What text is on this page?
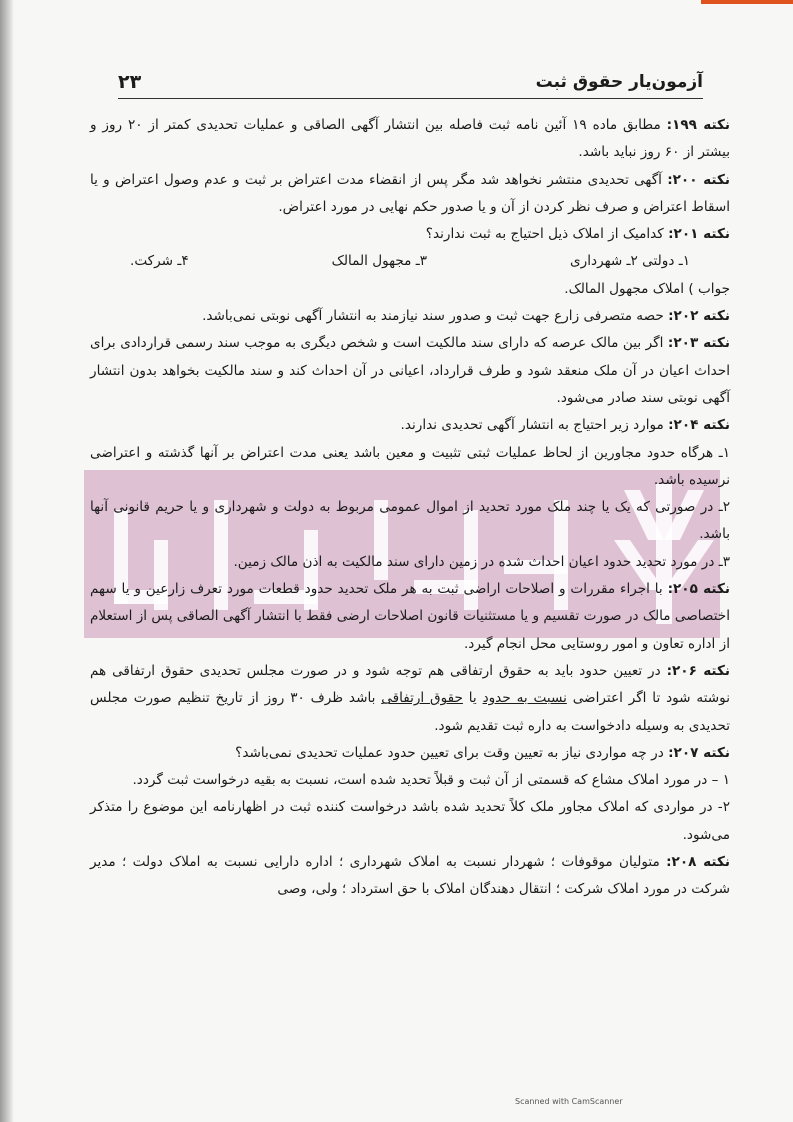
آزمون‌یار حقوق ثبت
۲۳
نکته ۱۹۹: مطابق ماده ۱۹ آئین نامه ثبت فاصله بین انتشار آگهی الصاقی و عملیات تحدیدی کمتر از ۲۰ روز و بیشتر از ۶۰ روز نباید باشد.
نکته ۲۰۰: آگهی تحدیدی منتشر نخواهد شد مگر پس از انقضاء مدت اعتراض بر ثبت و عدم وصول اعتراض و یا اسقاط اعتراض و صرف نظر کردن از آن و یا صدور حکم نهایی در مورد اعتراض.
نکته ۲۰۱: کدامیک از املاک ذیل احتیاج به ثبت ندارند؟
۱ـ دولتی ۲ـ شهرداری
۳ـ مجهول المالک
۴ـ شرکت.
جواب ) املاک مجهول المالک.
نکته ۲۰۲: حصه متصرفی زارع جهت ثبت و صدور سند نیازمند به انتشار آگهی نوبتی نمی‌باشد.
نکته ۲۰۳: اگر بین مالک عرصه که دارای سند مالکیت است و شخص دیگری به موجب سند رسمی قراردادی برای احداث اعیان در آن ملک منعقد شود و طرف قرارداد، اعیانی در آن احداث کند و سند مالکیت بخواهد بدون انتشار آگهی نوبتی سند صادر می‌شود.
نکته ۲۰۴: موارد زیر احتیاج به انتشار آگهی تحدیدی ندارند.
۱ـ هرگاه حدود مجاورین از لحاظ عملیات ثبتی تثبیت و معین باشد یعنی مدت اعتراض بر آنها گذشته و اعتراضی نرسیده باشد.
۲ـ در صورتی که یک یا چند ملک مورد تحدید از اموال عمومی مربوط به دولت و شهرداری و یا حریم قانونی آنها باشد.
۳ـ در مورد تحدید حدود اعیان احداث شده در زمین دارای سند مالکیت به اذن مالک زمین.
نکته ۲۰۵: با اجراء مقررات و اصلاحات اراضی ثبت به هر ملک تحدید حدود قطعات مورد تعرف زارعین و یا سهم اختصاصی مالک در صورت تقسیم و یا مستثنیات قانون اصلاحات ارضی فقط با انتشار آگهی الصاقی پس از استعلام از اداره تعاون و امور روستایی محل انجام گیرد.
نکته ۲۰۶: در تعیین حدود باید به حقوق ارتفاقی هم توجه شود و در صورت مجلس تحدیدی حقوق ارتفاقی هم نوشته شود تا اگر اعتراضی نسبت به حدود یا حقوق ارتفاقی باشد ظرف ۳۰ روز از تاریخ تنظیم صورت مجلس تحدیدی به وسیله دادخواست به داره ثبت تقدیم شود.
نکته ۲۰۷: در چه مواردی نیاز به تعیین وقت برای تعیین حدود عملیات تحدیدی نمی‌باشد؟
۱ – در مورد املاک مشاع که قسمتی از آن ثبت و قبلاً تحدید شده است، نسبت به بقیه درخواست ثبت گردد.
۲- در مواردی که املاک مجاور ملک کلاً تحدید شده باشد درخواست کننده ثبت در اظهارنامه این موضوع را متذکر می‌شود.
نکته ۲۰۸: متولیان موقوفات ؛ شهردار نسبت به املاک شهرداری ؛ اداره دارایی نسبت به املاک دولت ؛ مدیر شرکت در مورد املاک شرکت ؛ انتقال دهندگان املاک با حق استرداد ؛ ولی، وصی
Scanned with CamScanner
